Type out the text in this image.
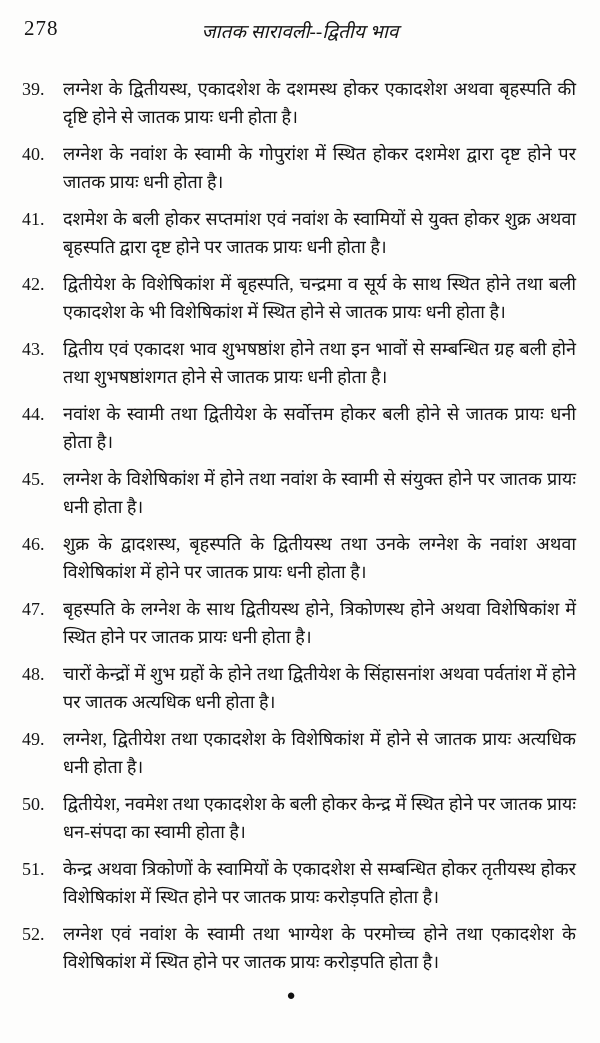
278	जातक सारावली--द्वितीय भाव

39. लग्नेश के द्वितीयस्थ, एकादशेश के दशमस्थ होकर एकादशेश अथवा बृहस्पति की दृष्टि होने से जातक प्रायः धनी होता है।

40. लग्नेश के नवांश के स्वामी के गोपुरांश में स्थित होकर दशमेश द्वारा दृष्ट होने पर जातक प्रायः धनी होता है।

41. दशमेश के बली होकर सप्तमांश एवं नवांश के स्वामियों से युक्त होकर शुक्र अथवा बृहस्पति द्वारा दृष्ट होने पर जातक प्रायः धनी होता है।

42. द्वितीयेश के विशेषिकांश में बृहस्पति, चन्द्रमा व सूर्य के साथ स्थित होने तथा बली एकादशेश के भी विशेषिकांश में स्थित होने से जातक प्रायः धनी होता है।

43. द्वितीय एवं एकादश भाव शुभषष्ठांश होने तथा इन भावों से सम्बन्धित ग्रह बली होने तथा शुभषष्ठांशगत होने से जातक प्रायः धनी होता है।

44. नवांश के स्वामी तथा द्वितीयेश के सर्वोत्तम होकर बली होने से जातक प्रायः धनी होता है।

45. लग्नेश के विशेषिकांश में होने तथा नवांश के स्वामी से संयुक्त होने पर जातक प्रायः धनी होता है।

46. शुक्र के द्वादशस्थ, बृहस्पति के द्वितीयस्थ तथा उनके लग्नेश के नवांश अथवा विशेषिकांश में होने पर जातक प्रायः धनी होता है।

47. बृहस्पति के लग्नेश के साथ द्वितीयस्थ होने, त्रिकोणस्थ होने अथवा विशेषिकांश में स्थित होने पर जातक प्रायः धनी होता है।

48. चारों केन्द्रों में शुभ ग्रहों के होने तथा द्वितीयेश के सिंहासनांश अथवा पर्वतांश में होने पर जातक अत्यधिक धनी होता है।

49. लग्नेश, द्वितीयेश तथा एकादशेश के विशेषिकांश में होने से जातक प्रायः अत्यधिक धनी होता है।

50. द्वितीयेश, नवमेश तथा एकादशेश के बली होकर केन्द्र में स्थित होने पर जातक प्रायः धन-संपदा का स्वामी होता है।

51. केन्द्र अथवा त्रिकोणों के स्वामियों के एकादशेश से सम्बन्धित होकर तृतीयस्थ होकर विशेषिकांश में स्थित होने पर जातक प्रायः करोड़पति होता है।

52. लग्नेश एवं नवांश के स्वामी तथा भाग्येश के परमोच्च होने तथा एकादशेश के विशेषिकांश में स्थित होने पर जातक प्रायः करोड़पति होता है।

●
